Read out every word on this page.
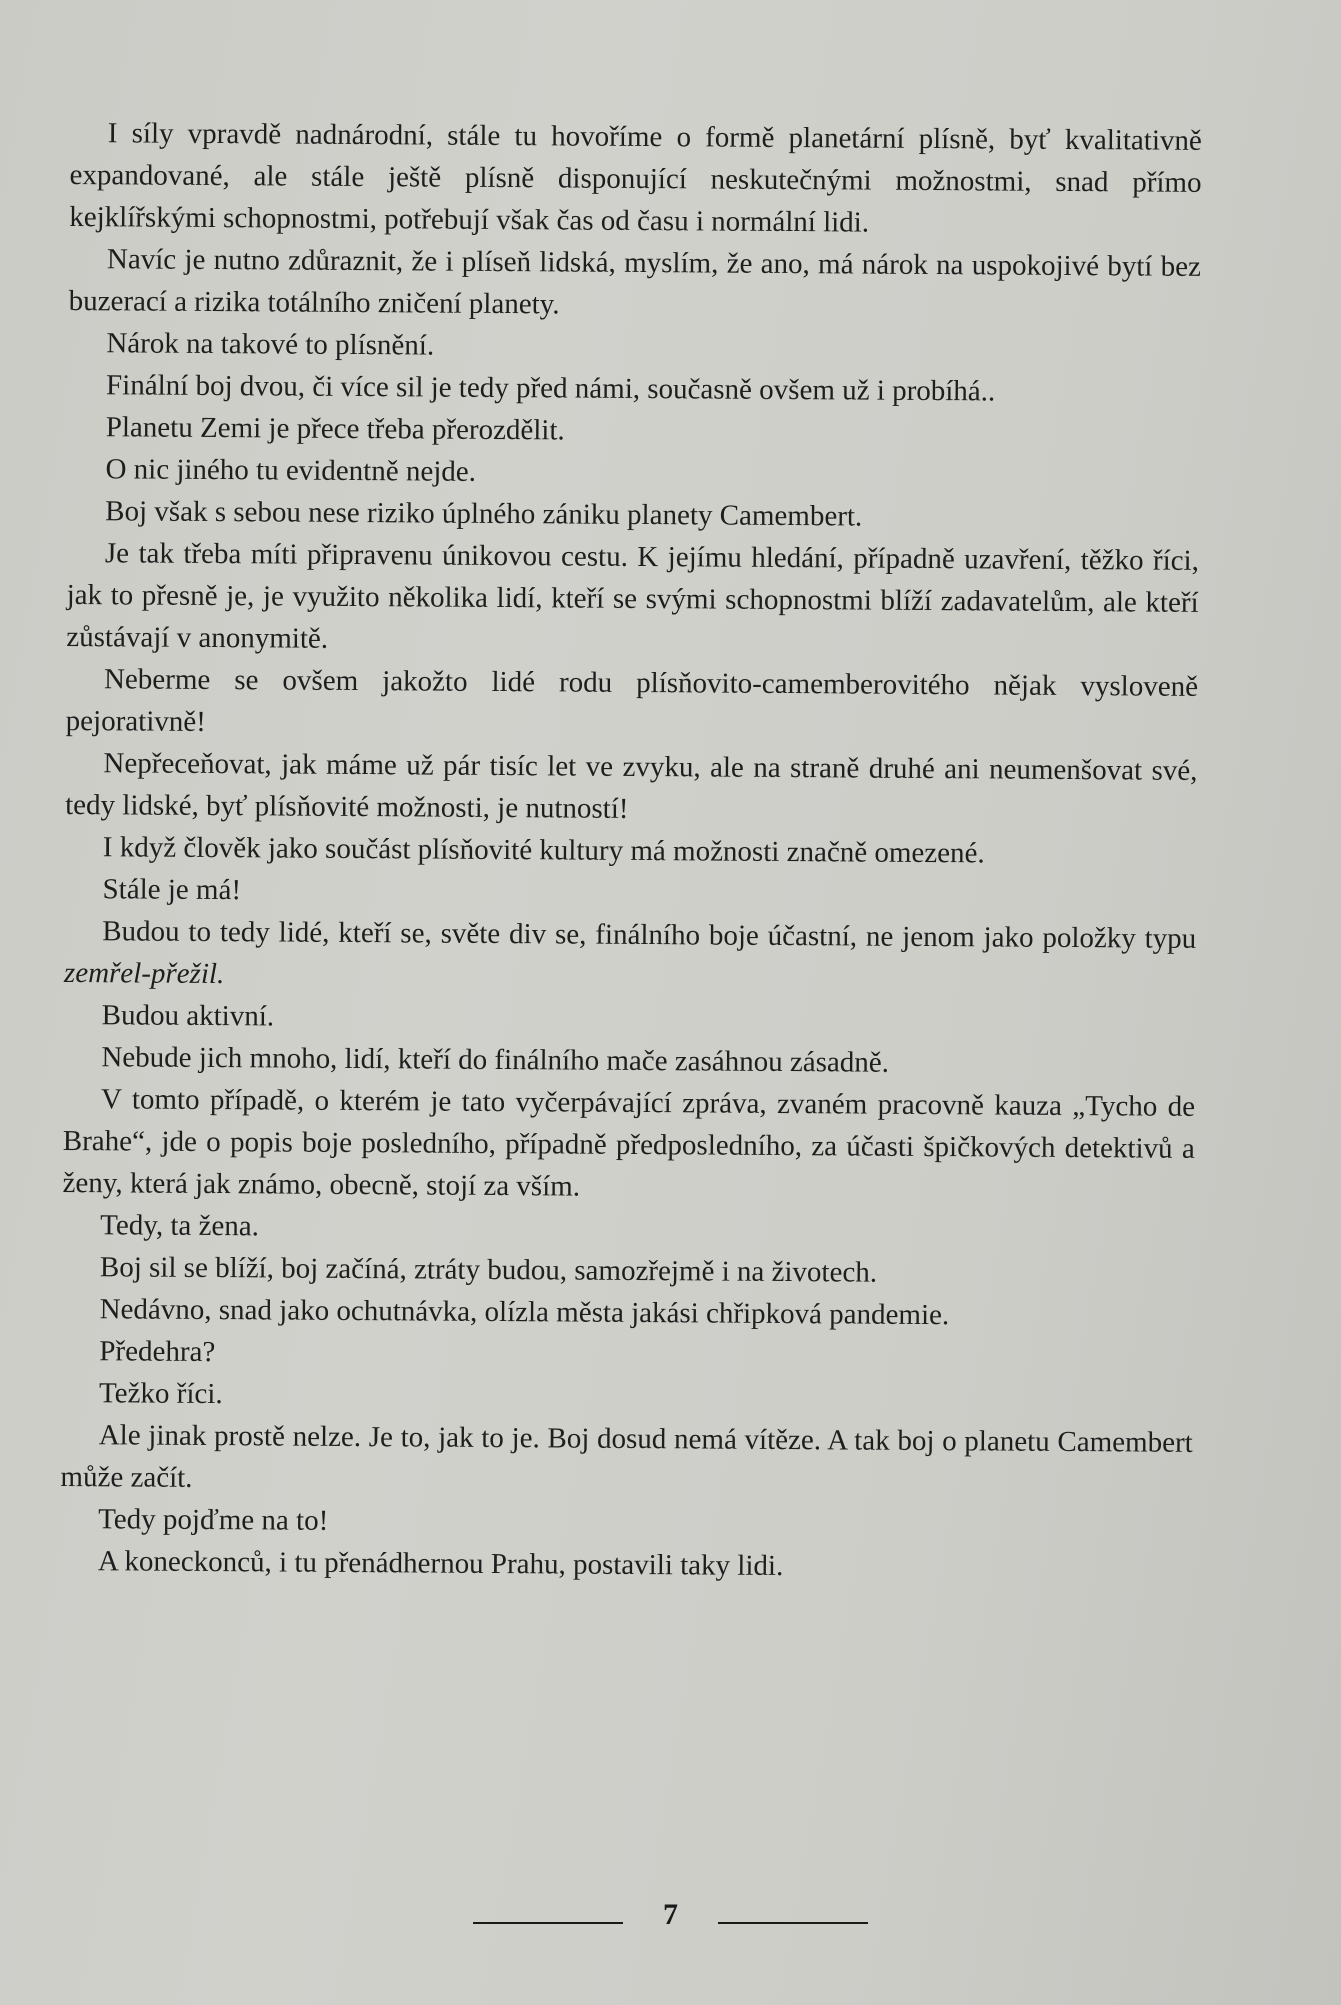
I síly vpravdě nadnárodní, stále tu hovoříme o formě planetární plísně, byť kvalitativně expandované, ale stále ještě plísně disponující neskutečnými možnostmi, snad přímo kejklířskými schopnostmi, potřebují však čas od času i normální lidi.

Navíc je nutno zdůraznit, že i plíseň lidská, myslím, že ano, má nárok na uspokojivé bytí bez buzerací a rizika totálního zničení planety.

Nárok na takové to plísnění.

Finální boj dvou, či více sil je tedy před námi, současně ovšem už i probíhá..

Planetu Zemi je přece třeba přerozdělit.

O nic jiného tu evidentně nejde.

Boj však s sebou nese riziko úplného zániku planety Camembert.

Je tak třeba míti připravenu únikovou cestu. K jejímu hledání, případně uzavření, těžko říci, jak to přesně je, je využito několika lidí, kteří se svými schopnostmi blíží zadavatelům, ale kteří zůstávají v anonymitě.

Neberme se ovšem jakožto lidé rodu plísňovito-camemberovitého nějak vysloveně pejorativně!

Nepřeceňovat, jak máme už pár tisíc let ve zvyku, ale na straně druhé ani neumenšovat své, tedy lidské, byť plísňovité možnosti, je nutností!

I když člověk jako součást plísňovité kultury má možnosti značně omezené.

Stále je má!

Budou to tedy lidé, kteří se, světe div se, finálního boje účastní, ne jenom jako položky typu zemřel-přežil.

Budou aktivní.

Nebude jich mnoho, lidí, kteří do finálního mače zasáhnou zásadně.

V tomto případě, o kterém je tato vyčerpávající zpráva, zvaném pracovně kauza „Tycho de Brahe“, jde o popis boje posledního, případně předposledního, za účasti špičkových detektivů a ženy, která jak známo, obecně, stojí za vším.

Tedy, ta žena.

Boj sil se blíží, boj začíná, ztráty budou, samozřejmě i na životech.

Nedávno, snad jako ochutnávka, olízla města jakási chřipková pandemie.

Předehra?

Težko říci.

Ale jinak prostě nelze. Je to, jak to je. Boj dosud nemá vítěze. A tak boj o planetu Camembert může začít.

Tedy pojďme na to!

A koneckonců, i tu přenádhernou Prahu, postavili taky lidi.

7
